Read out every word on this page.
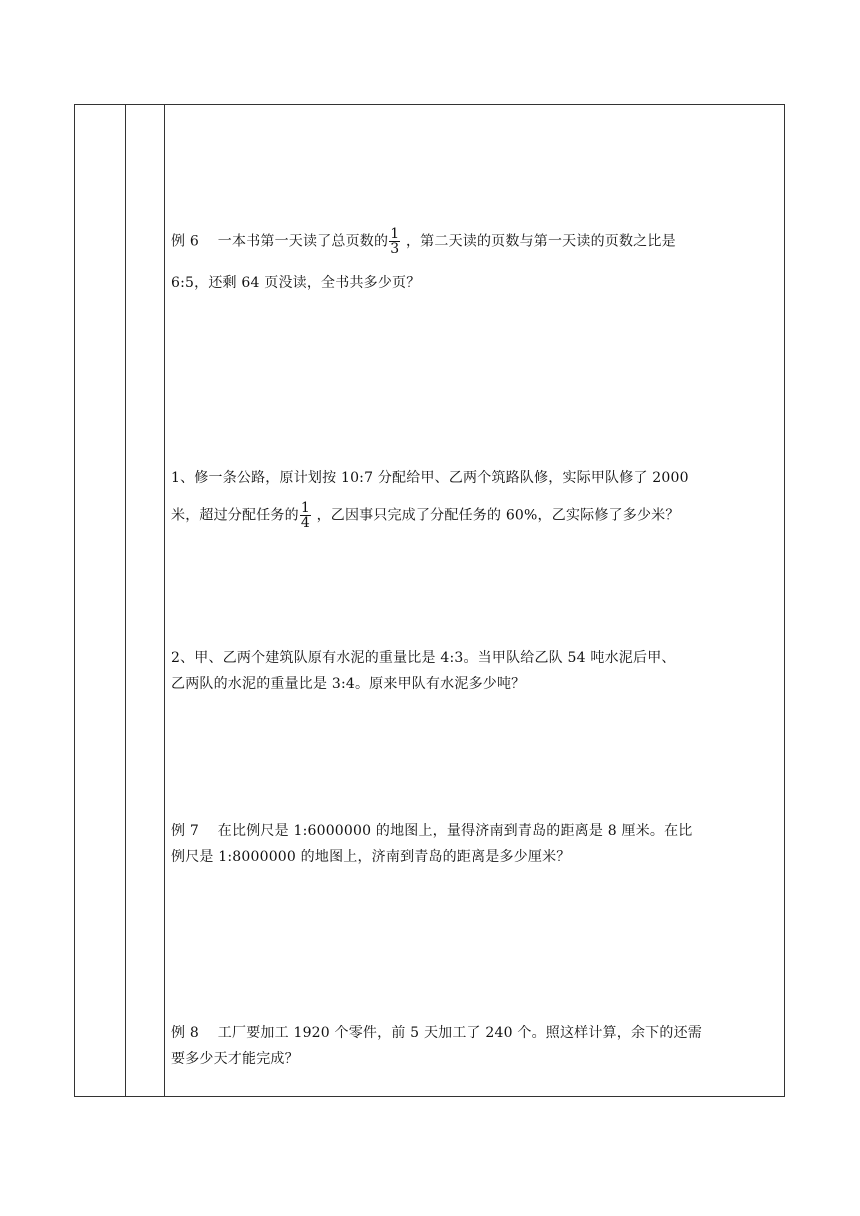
例 6　 一本书第一天读了总页数的 $\frac{1}{3}$ ，第二天读的页数与第一天读的页数之比是
6:5，还剩 64 页没读，全书共多少页？
1、修一条公路，原计划按 10:7 分配给甲、乙两个筑路队修，实际甲队修了 2000
米，超过分配任务的 $\frac{1}{4}$ ，乙因事只完成了分配任务的 60%，乙实际修了多少米？
2、甲、乙两个建筑队原有水泥的重量比是 4:3。当甲队给乙队 54 吨水泥后甲、
乙两队的水泥的重量比是 3:4。原来甲队有水泥多少吨？
例 7　 在比例尺是 1:6000000 的地图上，量得济南到青岛的距离是 8 厘米。在比
例尺是 1:8000000 的地图上，济南到青岛的距离是多少厘米？
例 8　 工厂要加工 1920 个零件，前 5 天加工了 240 个。照这样计算，余下的还需
要多少天才能完成？
